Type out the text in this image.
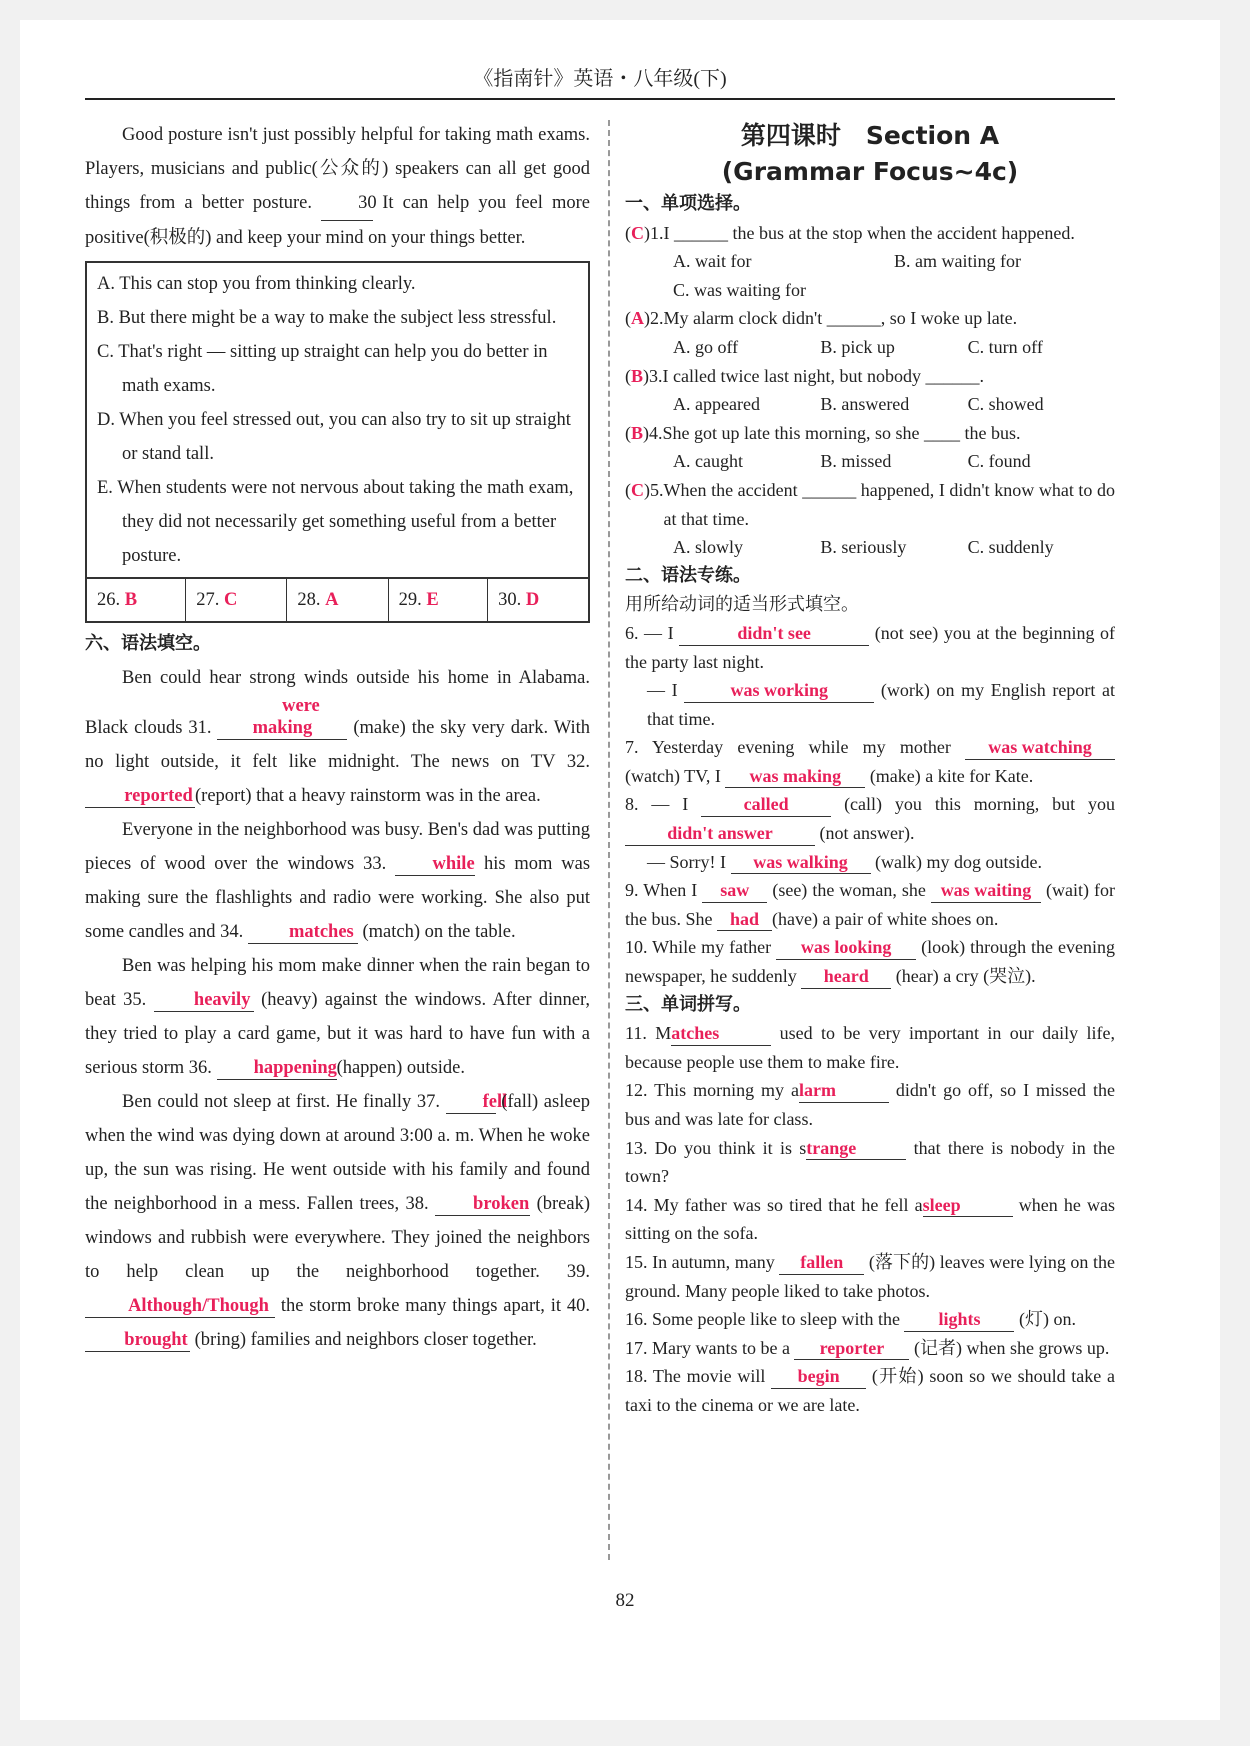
《指南针》英语・八年级(下)

Good posture isn't just possibly helpful for taking math exams. Players, musicians and public(公众的) speakers can all get good things from a better posture. 30 It can help you feel more positive(积极的) and keep your mind on your things better.

A. This can stop you from thinking clearly.
B. But there might be a way to make the subject less stressful.
C. That's right — sitting up straight can help you do better in math exams.
D. When you feel stressed out, you can also try to sit up straight or stand tall.
E. When students were not nervous about taking the math exam, they did not necessarily get something useful from a better posture.
26. B	27. C	28. A	29. E	30. D
六、语法填空。

Ben could hear strong winds outside his home in Alabama. Black clouds 31. were making (make) the sky very dark. With no light outside, it felt like midnight. The news on TV 32. reported (report) that a heavy rainstorm was in the area.

Everyone in the neighborhood was busy. Ben's dad was putting pieces of wood over the windows 33.	while his mom was making sure the flashlights and radio were working. She also put some candles and 34. matches (match) on the table.

Ben was helping his mom make dinner when the rain began to beat 35.	heavily (heavy) against the windows. After dinner, they tried to play a card game, but it was hard to have fun with a serious storm 36. happening(happen) outside.

Ben could not sleep at first. He finally 37. fell (fall) asleep when the wind was dying down at around 3:00 a. m. When he woke up, the sun was rising. He went outside with his family and found the neighborhood in a mess. Fallen trees, 38. broken (break) windows and rubbish were everywhere. They joined the neighbors to help clean up the neighborhood together. 39. Although/Though the storm broke many things apart, it 40. brought (bring) families and neighbors closer together.

第四课时　Section A
(Grammar Focus~4c)
一、单项选择。
(C)1. I ______ the bus at the stop when the accident happened.
A. wait for	B. am waiting for
C. was waiting for
(A)2. My alarm clock didn't ______, so I woke up late.
A. go off	B. pick up	C. turn off
(B)3. I called twice last night, but nobody ______.
A. appeared	B. answered	C. showed
(B)4. She got up late this morning, so she ____ the bus.
A. caught	B. missed	C. found
(C)5. When the accident ______ happened, I didn't know what to do at that time.
A. slowly	B. seriously	C. suddenly
二、语法专练。
用所给动词的适当形式填空。

6. — I	didn't see	(not see) you at the beginning of the party last night.

— I	was working	(work) on my English report at that time.

7. Yesterday evening while my mother was watching (watch) TV, I was making (make) a kite for Kate.

8. — I	called	(call) you this morning, but you didn't answer	(not answer).

— Sorry! I was walking (walk) my dog outside.

9. When I saw (see) the woman, she was waiting (wait) for the bus. She had (have) a pair of white shoes on.

10. While my father was looking (look) through the evening newspaper, he suddenly heard (hear) a cry (哭泣).

三、单词拼写。

11. Matches	used to be very important in our daily life, because people use them to make fire.

12. This morning my alarm	didn't go off, so I missed the bus and was late for class.

13. Do you think it is strange	that there is nobody in the town?

14. My father was so tired that he fell asleep	when he was sitting on the sofa.

15. In autumn, many fallen (落下的) leaves were lying on the ground. Many people liked to take photos.

16. Some people like to sleep with the lights (灯) on.

17. Mary wants to be a reporter (记者) when she grows up.

18. The movie will begin (开始) soon so we should take a taxi to the cinema or we are late.

82
